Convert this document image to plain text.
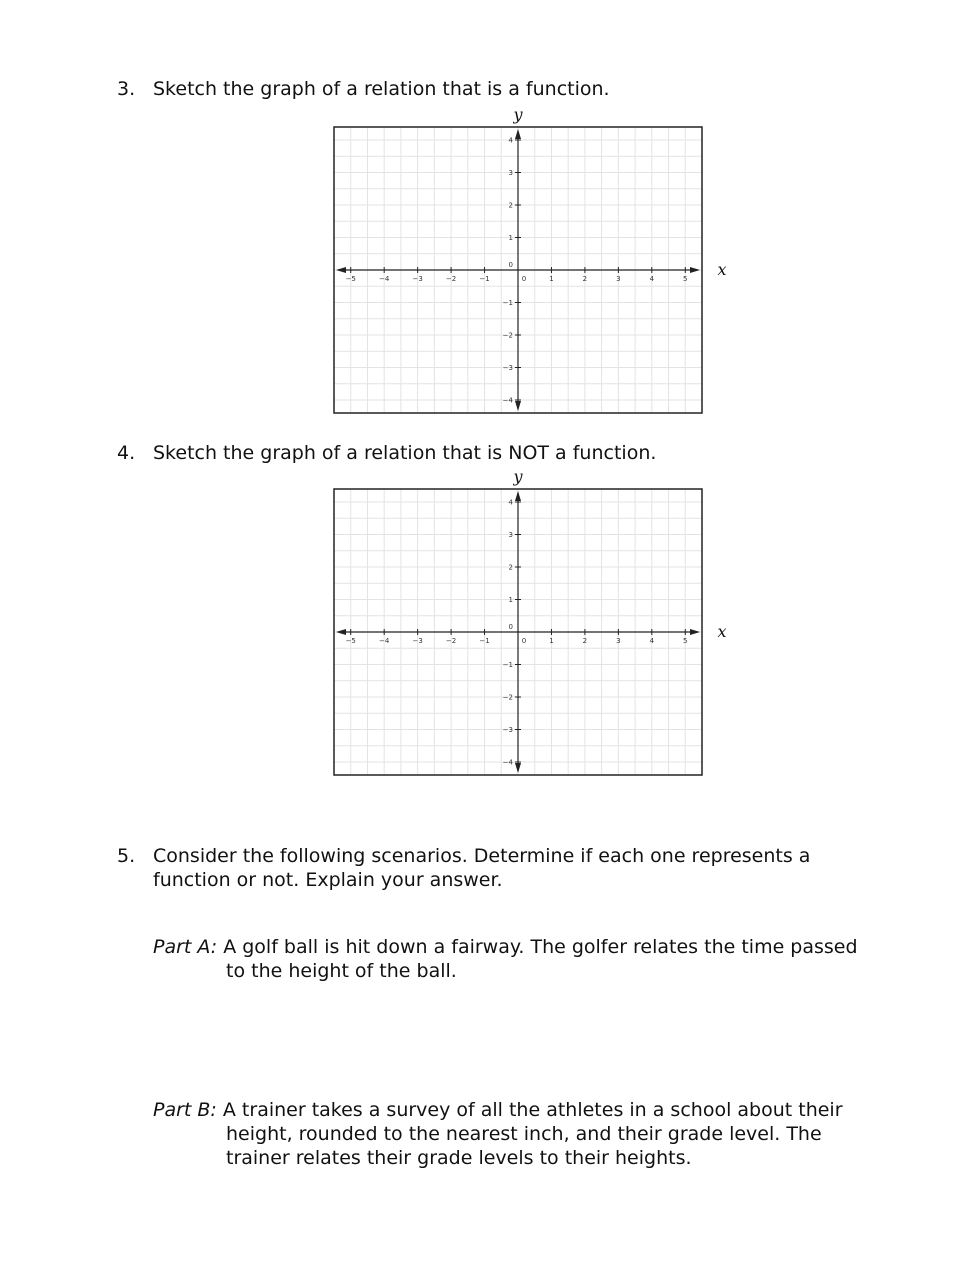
3. Sketch the graph of a relation that is a function.
−5	−4	−3	−2	−1	0	1	2	3	4	5
4
3
2
1
0
−1
−2
−3
−4
y
x
4. Sketch the graph of a relation that is NOT a function.
−5	−4	−3	−2	−1	0	1	2	3	4	5
4
3
2
1
0
−1
−2
−3
−4
y
x
5. Consider the following scenarios. Determine if each one represents a
function or not. Explain your answer.
Part A: A golf ball is hit down a fairway. The golfer relates the time passed
to the height of the ball.
Part B: A trainer takes a survey of all the athletes in a school about their
height, rounded to the nearest inch, and their grade level. The
trainer relates their grade levels to their heights.
